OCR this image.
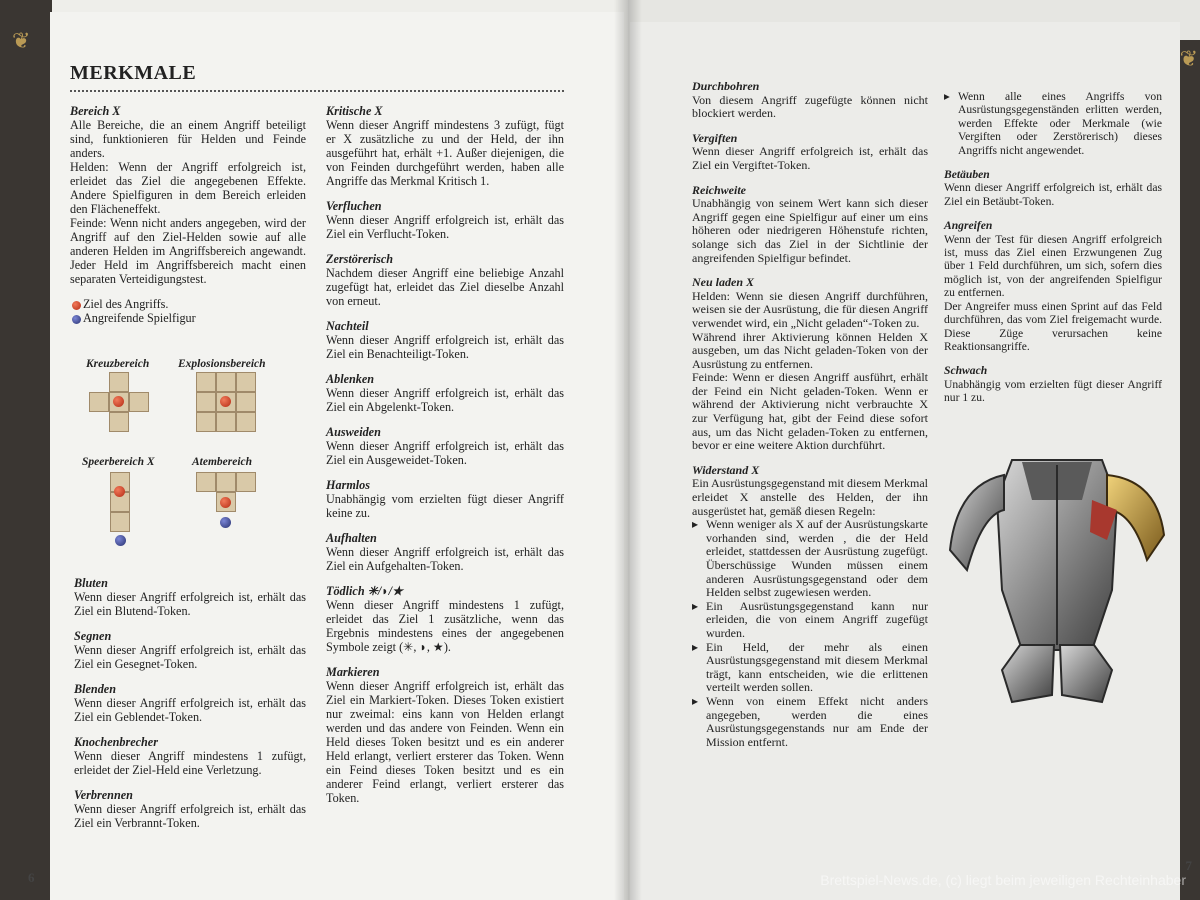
❦
6
❦
7
MERKMALE
Bereich X

Alle Bereiche, die an einem Angriff beteiligt sind, funktionieren für Helden und Feinde anders.
Helden: Wenn der Angriff erfolgreich ist, erleidet das Ziel die angegebenen Effekte. Andere Spielfiguren in dem Bereich erleiden den Flächeneffekt.
Feinde: Wenn nicht anders angegeben, wird der Angriff auf den Ziel-Helden sowie auf alle anderen Helden im Angriffsbereich angewandt. Jeder Held im Angriffsbereich macht einen separaten Verteidigungstest.

Ziel des Angriffs.
Angreifende Spielfigur
Kreuzbereich	Explosionsbereich
Speerbereich X	Atembereich
Bluten

Wenn dieser Angriff erfolgreich ist, erhält das Ziel ein Blutend-Token.

Segnen

Wenn dieser Angriff erfolgreich ist, erhält das Ziel ein Gesegnet-Token.

Blenden

Wenn dieser Angriff erfolgreich ist, erhält das Ziel ein Geblendet-Token.

Knochenbrecher

Wenn dieser Angriff mindestens 1 zufügt, erleidet der Ziel-Held eine Verletzung.

Verbrennen

Wenn dieser Angriff erfolgreich ist, erhält das Ziel ein Verbrannt-Token.

Kritische X

Wenn dieser Angriff mindestens 3 zufügt, fügt er X zusätzliche zu und der Held, der ihn ausgeführt hat, erhält +1. Außer diejenigen, die von Feinden durchgeführt werden, haben alle Angriffe das Merkmal Kritisch 1.

Verfluchen

Wenn dieser Angriff erfolgreich ist, erhält das Ziel ein Verflucht-Token.

Zerstörerisch

Nachdem dieser Angriff eine beliebige Anzahl zugefügt hat, erleidet das Ziel dieselbe Anzahl von erneut.

Nachteil

Wenn dieser Angriff erfolgreich ist, erhält das Ziel ein Benachteiligt-Token.

Ablenken

Wenn dieser Angriff erfolgreich ist, erhält das Ziel ein Abgelenkt-Token.

Ausweiden

Wenn dieser Angriff erfolgreich ist, erhält das Ziel ein Ausgeweidet-Token.

Harmlos

Unabhängig vom erzielten fügt dieser Angriff keine zu.

Aufhalten

Wenn dieser Angriff erfolgreich ist, erhält das Ziel ein Aufgehalten-Token.

Tödlich ✳/◗/★

Wenn dieser Angriff mindestens 1 zufügt, erleidet das Ziel 1 zusätzliche, wenn das Ergebnis mindestens eines der angegebenen Symbole zeigt (✳, ◗, ★).

Markieren

Wenn dieser Angriff erfolgreich ist, erhält das Ziel ein Markiert-Token. Dieses Token existiert nur zweimal: eins kann von Helden erlangt werden und das andere von Feinden. Wenn ein Held dieses Token besitzt und es ein anderer Held erlangt, verliert ersterer das Token. Wenn ein Feind dieses Token besitzt und es ein anderer Feind erlangt, verliert ersterer das Token.

Durchbohren

Von diesem Angriff zugefügte können nicht blockiert werden.

Vergiften

Wenn dieser Angriff erfolgreich ist, erhält das Ziel ein Vergiftet-Token.

Reichweite

Unabhängig von seinem Wert kann sich dieser Angriff gegen eine Spielfigur auf einer um eins höheren oder niedrigeren Höhenstufe richten, solange sich das Ziel in der Sichtlinie der angreifenden Spielfigur befindet.

Neu laden X

Helden: Wenn sie diesen Angriff durchführen, weisen sie der Ausrüstung, die für diesen Angriff verwendet wird, ein „Nicht geladen“-Token zu.
Während ihrer Aktivierung können Helden X ausgeben, um das Nicht geladen-Token von der Ausrüstung zu entfernen.
Feinde: Wenn er diesen Angriff ausführt, erhält der Feind ein Nicht geladen-Token. Wenn er während der Aktivierung nicht verbrauchte X zur Verfügung hat, gibt der Feind diese sofort aus, um das Nicht geladen-Token zu entfernen, bevor er eine weitere Aktion durchführt.

Widerstand X

Ein Ausrüstungsgegenstand mit diesem Merkmal erleidet X anstelle des Helden, der ihn ausgerüstet hat, gemäß diesen Regeln:

▸ Wenn weniger als X auf der Ausrüstungskarte vorhanden sind, werden , die der Held erleidet, stattdessen der Ausrüstung zugefügt. Überschüssige Wunden müssen einem anderen Ausrüstungsgegenstand oder dem Helden selbst zugewiesen werden.
▸ Ein Ausrüstungsgegenstand kann nur erleiden, die von einem Angriff zugefügt wurden.
▸ Ein Held, der mehr als einen Ausrüstungsgegenstand mit diesem Merkmal trägt, kann entscheiden, wie die erlittenen verteilt werden sollen.
▸ Wenn von einem Effekt nicht anders angegeben, werden die eines Ausrüstungsgegenstands nur am Ende der Mission entfernt.
▸ Wenn alle eines Angriffs von Ausrüstungsgegenständen erlitten werden, werden Effekte oder Merkmale (wie Vergiften oder Zerstörerisch) dieses Angriffs nicht angewendet.
Betäuben

Wenn dieser Angriff erfolgreich ist, erhält das Ziel ein Betäubt-Token.

Angreifen

Wenn der Test für diesen Angriff erfolgreich ist, muss das Ziel einen Erzwungenen Zug über 1 Feld durchführen, um sich, sofern dies möglich ist, von der angreifenden Spielfigur zu entfernen.
Der Angreifer muss einen Sprint auf das Feld durchführen, das vom Ziel freigemacht wurde. Diese Züge verursachen keine Reaktionsangriffe.

Schwach

Unabhängig vom erzielten fügt dieser Angriff nur 1 zu.

Brettspiel-News.de, (c) liegt beim jeweiligen Rechteinhaber
